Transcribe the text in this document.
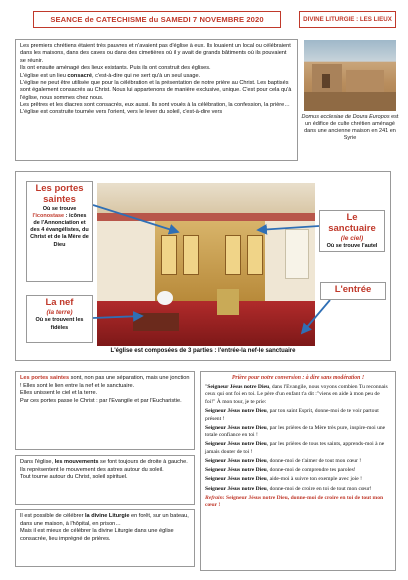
SEANCE de CATECHISME du SAMEDI 7 NOVEMBRE 2020	DIVINE LITURGIE : LES LIEUX

Les premiers chrétiens étaient très pauvres et n'avaient pas d'église à eux. Ils louaient un local ou célébraient dans les maisons, dans des caves ou dans des cimetières où il y avait de grands bâtiments où ils pouvaient se réunir.

Ils ont ensuite aménagé des lieux existants. Puis ils ont construit des églises.

L'église est un lieu consacré, c'est-à-dire qui ne sert qu'à un seul usage.

L'église ne peut être utilisée que pour la célébration et la présentation de notre prière au Christ. Les baptisés sont également consacrés au Christ. Nous lui appartenons de manière exclusive, unique. C'est pour cela qu'à l'église, nous sommes chez nous.

Les prêtres et les diacres sont consacrés, eux aussi. Ils sont voués à la célébration, la confession, la prière…

L'église est construite tournée vers l'orient, vers le lever du soleil, c'est-à-dire vers

Domus ecclesiae de Doura Europos est un édifice de culte chrétien aménagé dans une ancienne maison en 241 en Syrie
Les portes saintes
Où se trouve
l'iconostase : icônes de l'Annonciation et des 4 évangélistes, du Christ et de la Mère de Dieu
Le sanctuaire
(le ciel)
Où se trouve l'autel
L'entrée
La nef
(la terre)
Où se trouvent les fidèles
L'église est composées de 3 parties : l'entrée-la nef-le sanctuaire

Les portes saintes sont, non pas une séparation, mais une jonction ! Elles sont le lien entre la nef et le sanctuaire.

Elles unissent le ciel et la terre.

Par ces portes passe le Christ : par l'Evangile et par l'Eucharistie.

Dans l'église, les mouvements se font toujours de droite à gauche. Ils représentent le mouvement des astres autour du soleil.

Tout tourne autour du Christ, soleil spirituel.

Il est possible de célébrer la divine Liturgie en forêt, sur un bateau, dans une maison, à l'hôpital, en prison…

Mais il est mieux de célébrer la divine Liturgie dans une église consacrée, lieu imprégné de prières.

Prière pour notre conversion : à dire sans modération !

"Seigneur Jésus notre Dieu, dans l'Evangile, nous voyons combien Tu reconnais ceux qui ont foi en toi. Le père d'un enfant t'a dit :"viens en aide à mon peu de foi!" À mon tour, je te prie:

Seigneur Jésus notre Dieu, par ton saint Esprit, donne-moi de te voir partout présent !

Seigneur Jésus notre Dieu, par les prières de ta Mère très pure, inspire-moi une totale confiance en toi !

Seigneur Jésus notre Dieu, par les prières de tous tes saints, apprends-moi à ne jamais douter de toi !

Seigneur Jésus notre Dieu, donne-moi de t'aimer de tout mon cœur !

Seigneur Jésus notre Dieu, donne-moi de comprendre tes paroles!

Seigneur Jésus notre Dieu, aide-moi à suivre ton exemple avec joie !

Seigneur Jésus notre Dieu, donne-moi de croire en toi de tout mon cœur!

Refrain: Seigneur Jésus notre Dieu, donne-moi de croire en toi de tout mon cœur !
